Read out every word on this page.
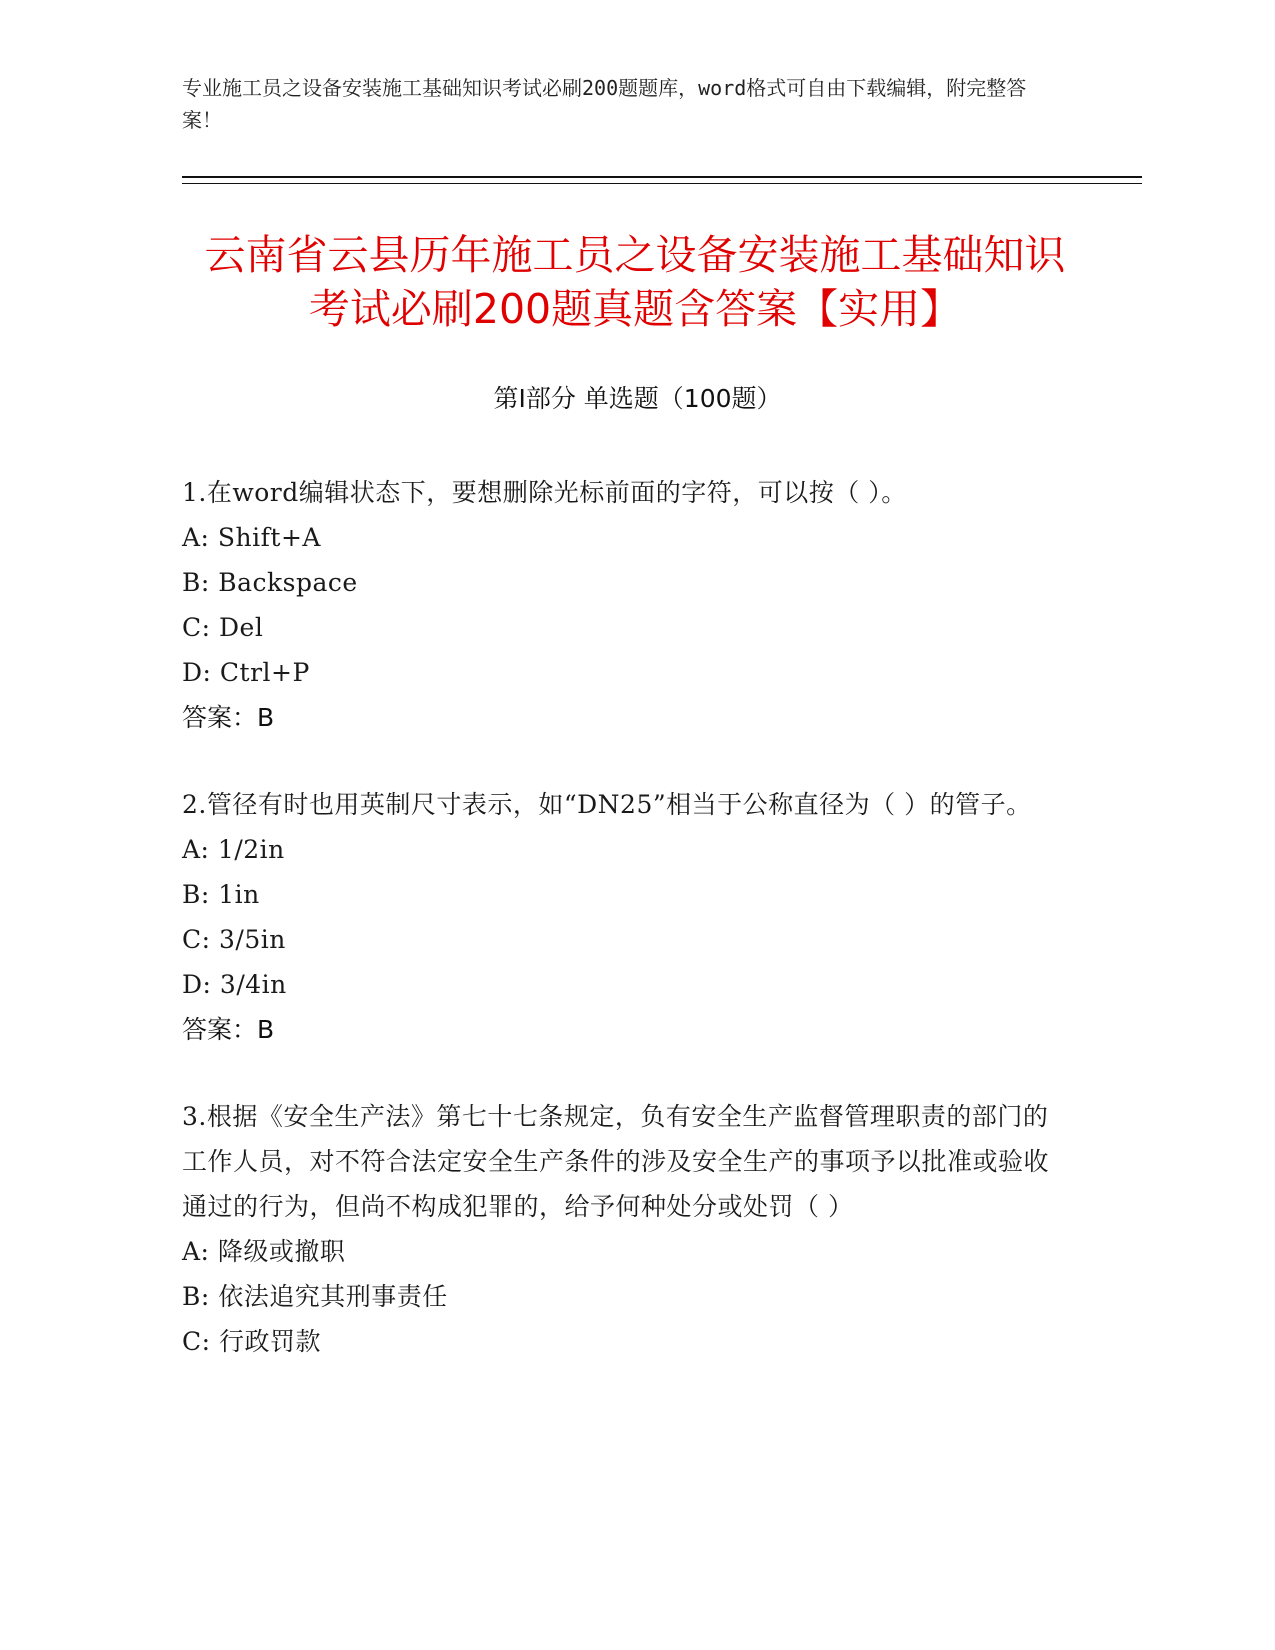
专业施工员之设备安装施工基础知识考试必刷200题题库，word格式可自由下载编辑，附完整答案！
云南省云县历年施工员之设备安装施工基础知识考试必刷200题真题含答案【实用】
第Ⅰ部分 单选题（100题）
1.在word编辑状态下，要想删除光标前面的字符，可以按（ ）。
A: Shift+A
B: Backspace
C: Del
D: Ctrl+P
答案：B
2.管径有时也用英制尺寸表示，如“DN25”相当于公称直径为（ ）的管子。
A: 1/2in
B: 1in
C: 3/5in
D: 3/4in
答案：B
3.根据《安全生产法》第七十七条规定，负有安全生产监督管理职责的部门的工作人员，对不符合法定安全生产条件的涉及安全生产的事项予以批准或验收通过的行为，但尚不构成犯罪的，给予何种处分或处罚（ ）
A: 降级或撤职
B: 依法追究其刑事责任
C: 行政罚款
